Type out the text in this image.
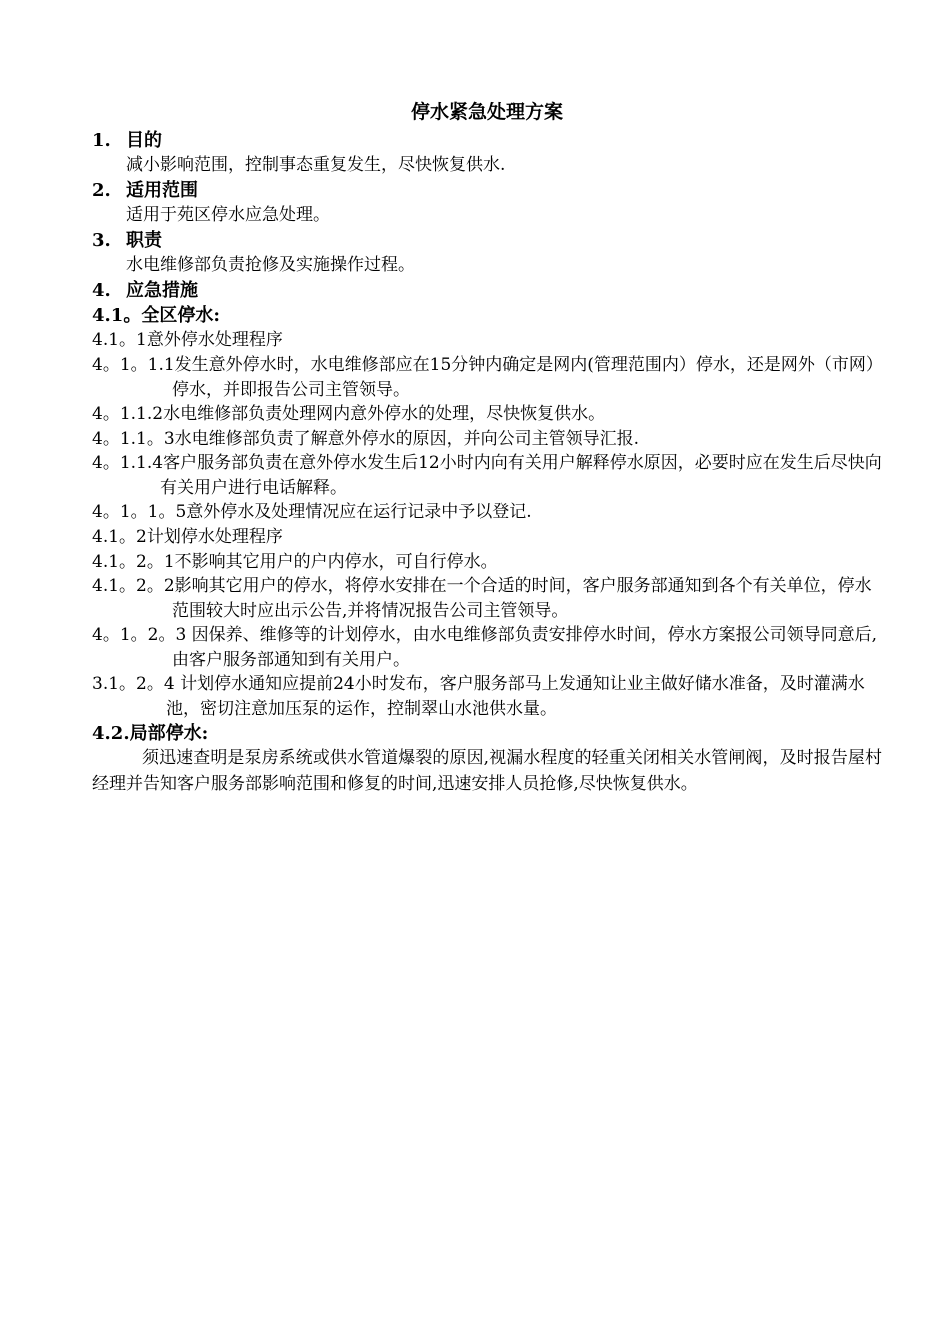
停水紧急处理方案
1. 目的
减小影响范围，控制事态重复发生，尽快恢复供水.
2. 适用范围
适用于苑区停水应急处理。
3. 职责
水电维修部负责抢修及实施操作过程。
4. 应急措施
4.1。全区停水:
4.1。1意外停水处理程序
4。1。1.1发生意外停水时，水电维修部应在15分钟内确定是网内(管理范围内）停水，还是网外（市网）停水，并即报告公司主管领导。
4。1.1.2水电维修部负责处理网内意外停水的处理，尽快恢复供水。
4。1.1。3水电维修部负责了解意外停水的原因，并向公司主管领导汇报.
4。1.1.4客户服务部负责在意外停水发生后12小时内向有关用户解释停水原因，必要时应在发生后尽快向有关用户进行电话解释。
4。1。1。5意外停水及处理情况应在运行记录中予以登记.
4.1。2计划停水处理程序
4.1。2。1不影响其它用户的户内停水，可自行停水。
4.1。2。2影响其它用户的停水，将停水安排在一个合适的时间，客户服务部通知到各个有关单位，停水范围较大时应出示公告,并将情况报告公司主管领导。
4。1。2。3 因保养、维修等的计划停水，由水电维修部负责安排停水时间，停水方案报公司领导同意后,由客户服务部通知到有关用户。
3.1。2。4 计划停水通知应提前24小时发布，客户服务部马上发通知让业主做好储水准备，及时灌满水池，密切注意加压泵的运作，控制翠山水池供水量。
4.2.局部停水:
须迅速查明是泵房系统或供水管道爆裂的原因,视漏水程度的轻重关闭相关水管闸阀，及时报告屋村经理并告知客户服务部影响范围和修复的时间,迅速安排人员抢修,尽快恢复供水。
